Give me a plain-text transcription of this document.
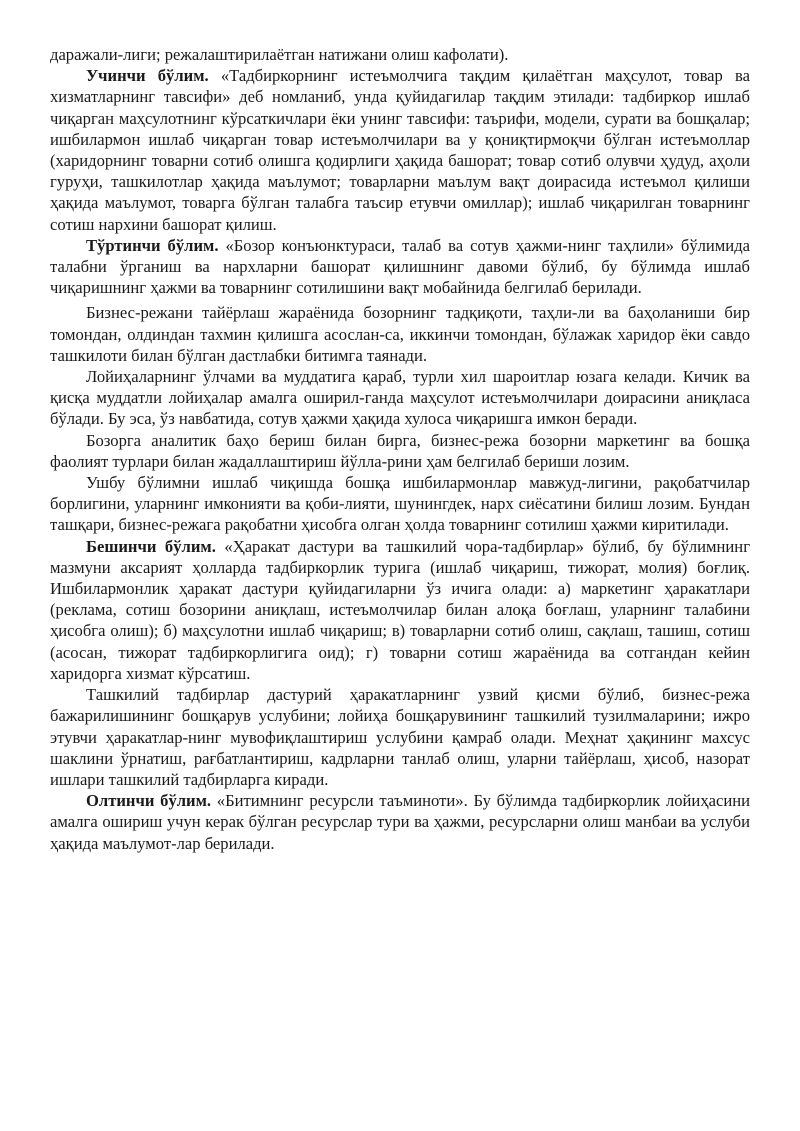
даражали-лиги; режалаштирилаётган натижани олиш кафолати).

Учинчи бўлим. «Тадбиркорнинг истеъмолчига тақдим қилаётган маҳсулот, товар ва хизматларнинг тавсифи» деб номланиб, унда қуйидагилар тақдим этилади: тадбиркор ишлаб чиқарган маҳсулотнинг кўрсаткичлари ёки унинг тавсифи: таърифи, модели, сурати ва бошқалар; ишбилармон ишлаб чиқарган товар истеъмолчилари ва у қониқтирмоқчи бўлган истеъмоллар (харидорнинг товарни сотиб олишга қодирлиги ҳақида башорат; товар сотиб олувчи ҳудуд, аҳоли гуруҳи, ташкилотлар ҳақида маълумот; товарларни маълум вақт доирасида истеъмол қилиши ҳақида маълумот, товарга бўлган талабга таъсир етувчи омиллар); ишлаб чиқарилган товарнинг сотиш нархини башорат қилиш.

Тўртинчи бўлим. «Бозор конъюнктураси, талаб ва сотув ҳажми-нинг таҳлили» бўлимида талабни ўрганиш ва нархларни башорат қилишнинг давоми бўлиб, бу бўлимда ишлаб чиқаришнинг ҳажми ва товарнинг сотилишини вақт мобайнида белгилаб берилади.

Бизнес-режани тайёрлаш жараёнида бозорнинг тадқиқоти, таҳли-ли ва баҳоланиши бир томондан, олдиндан тахмин қилишга асослан-са, иккинчи томондан, бўлажак харидор ёки савдо ташкилоти билан бўлган дастлабки битимга таянади.

Лойиҳаларнинг ўлчами ва муддатига қараб, турли хил шароитлар юзага келади. Кичик ва қисқа муддатли лойиҳалар амалга оширил-ганда маҳсулот истеъмолчилари доирасини аниқласа бўлади. Бу эса, ўз навбатида, сотув ҳажми ҳақида хулоса чиқаришга имкон беради.

Бозорга аналитик баҳо бериш билан бирга, бизнес-режа бозорни маркетинг ва бошқа фаолият турлари билан жадаллаштириш йўлла-рини ҳам белгилаб бериши лозим.

Ушбу бўлимни ишлаб чиқишда бошқа ишбилармонлар мавжуд-лигини, рақобатчилар борлигини, уларнинг имконияти ва қоби-лияти, шунингдек, нарх сиёсатини билиш лозим. Бундан ташқари, бизнес-режага рақобатни ҳисобга олган ҳолда товарнинг сотилиш ҳажми киритилади.

Бешинчи бўлим. «Ҳаракат дастури ва ташкилий чора-тадбирлар» бўлиб, бу бўлимнинг мазмуни аксарият ҳолларда тадбиркорлик турига (ишлаб чиқариш, тижорат, молия) боғлиқ. Ишбилармонлик ҳаракат дастури қуйидагиларни ўз ичига олади: а) маркетинг ҳаракатлари (реклама, сотиш бозорини аниқлаш, истеъмолчилар билан алоқа боғлаш, уларнинг талабини ҳисобга олиш); б) маҳсулотни ишлаб чиқариш; в) товарларни сотиб олиш, сақлаш, ташиш, сотиш (асосан, тижорат тадбиркорлигига оид); г) товарни сотиш жараёнида ва сотгандан кейин харидорга хизмат кўрсатиш.

Ташкилий тадбирлар дастурий ҳаракатларнинг узвий қисми бўлиб, бизнес-режа бажарилишининг бошқарув услубини; лойиҳа бошқарувининг ташкилий тузилмаларини; ижро этувчи ҳаракатлар-нинг мувофиқлаштириш услубини қамраб олади. Меҳнат ҳақининг махсус шаклини ўрнатиш, рағбатлантириш, кадрларни танлаб олиш, уларни тайёрлаш, ҳисоб, назорат ишлари ташкилий тадбирларга киради.

Олтинчи бўлим. «Битимнинг ресурсли таъминоти». Бу бўлимда тадбиркорлик лойиҳасини амалга ошириш учун керак бўлган ресурслар тури ва ҳажми, ресурсларни олиш манбаи ва услуби ҳақида маълумот-лар берилади.
